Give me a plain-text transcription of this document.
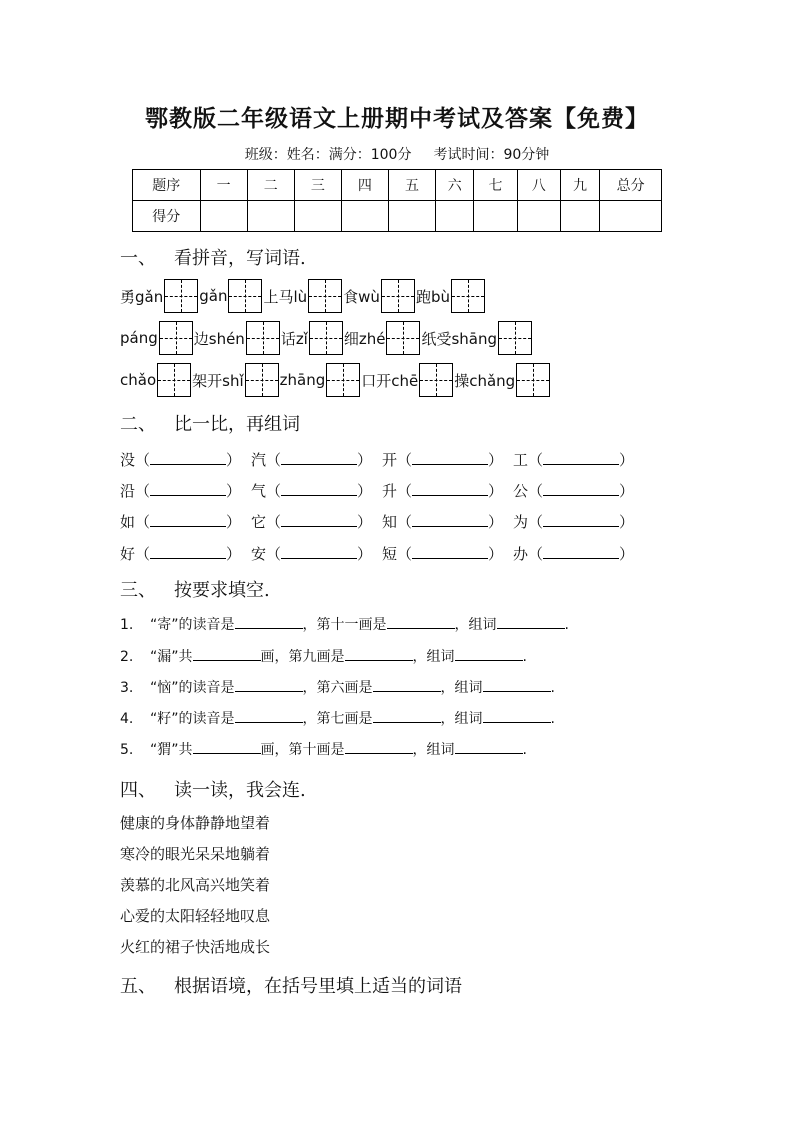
鄂教版二年级语文上册期中考试及答案【免费】
班级：姓名：满分：100分 考试时间：90分钟
题序	一	二	三	四	五	六	七	八	九	总分
得分										
一、 看拼音，写词语.
勇gǎn gǎn 上马lù 食wù 跑bù
páng 边shén 话zǐ 细zhé 纸受shāng
chǎo 架开shǐ zhāng 口开chē 操chǎng
二、 比一比，再组词
没（	） 汽（	） 开（	） 工（	）
沿（	） 气（	） 升（	） 公（	）
如（	） 它（	） 知（	） 为（	）
好（	） 安（	） 短（	） 办（	）
三、 按要求填空.
1. “寄”的读音是	，第十一画是	，组词	.
2. “漏”共	画，第九画是	，组词	.
3. “恼”的读音是	，第六画是	，组词	.
4. “籽”的读音是	，第七画是	，组词	.
5. “猬”共	画，第十画是	，组词	.
四、 读一读，我会连.
健康的身体静静地望着
寒冷的眼光呆呆地躺着
羡慕的北风高兴地笑着
心爱的太阳轻轻地叹息
火红的裙子快活地成长
五、 根据语境，在括号里填上适当的词语
